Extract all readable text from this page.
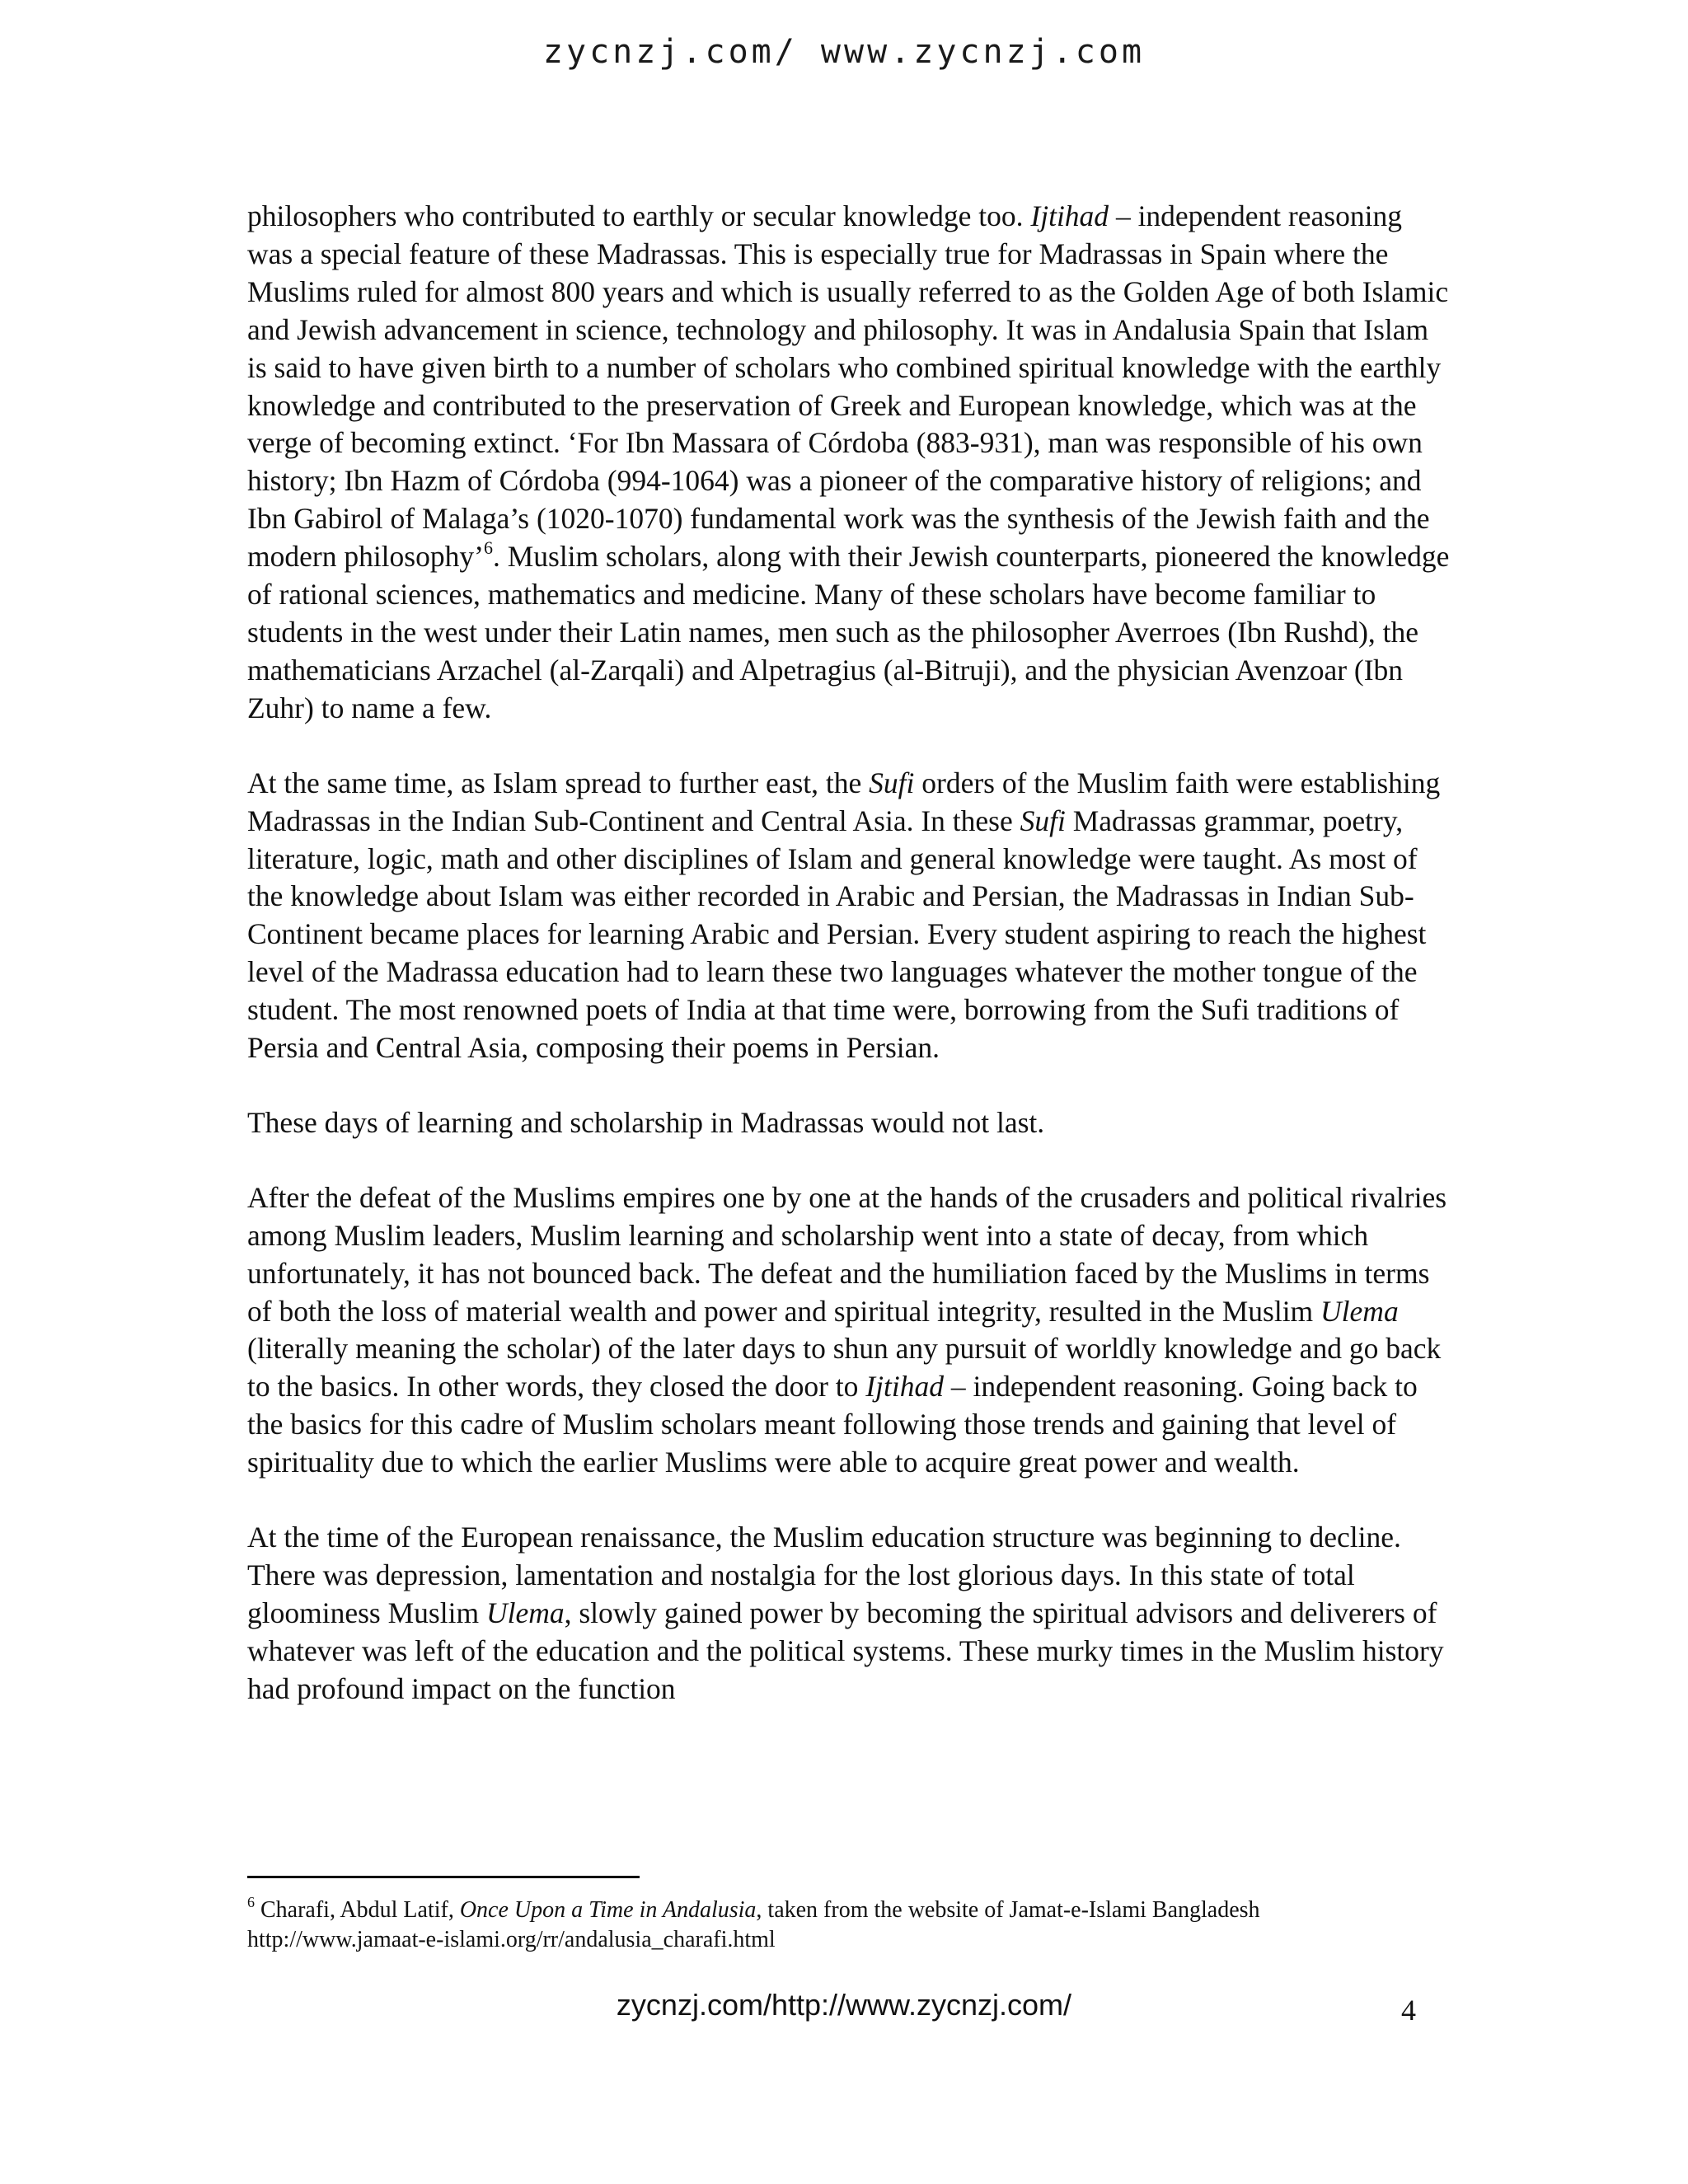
zycnzj.com/ www.zycnzj.com

philosophers who contributed to earthly or secular knowledge too. Ijtihad – independent reasoning was a special feature of these Madrassas. This is especially true for Madrassas in Spain where the Muslims ruled for almost 800 years and which is usually referred to as the Golden Age of both Islamic and Jewish advancement in science, technology and philosophy. It was in Andalusia Spain that Islam is said to have given birth to a number of scholars who combined spiritual knowledge with the earthly knowledge and contributed to the preservation of Greek and European knowledge, which was at the verge of becoming extinct. ‘For Ibn Massara of Córdoba (883-931), man was responsible of his own history; Ibn Hazm of Córdoba (994-1064) was a pioneer of the comparative history of religions; and Ibn Gabirol of Malaga’s (1020-1070) fundamental work was the synthesis of the Jewish faith and the modern philosophy’$^6$. Muslim scholars, along with their Jewish counterparts, pioneered the knowledge of rational sciences, mathematics and medicine. Many of these scholars have become familiar to students in the west under their Latin names, men such as the philosopher Averroes (Ibn Rushd), the mathematicians Arzachel (al-Zarqali) and Alpetragius (al-Bitruji), and the physician Avenzoar (Ibn Zuhr) to name a few.

At the same time, as Islam spread to further east, the Sufi orders of the Muslim faith were establishing Madrassas in the Indian Sub-Continent and Central Asia. In these Sufi Madrassas grammar, poetry, literature, logic, math and other disciplines of Islam and general knowledge were taught. As most of the knowledge about Islam was either recorded in Arabic and Persian, the Madrassas in Indian Sub-Continent became places for learning Arabic and Persian. Every student aspiring to reach the highest level of the Madrassa education had to learn these two languages whatever the mother tongue of the student. The most renowned poets of India at that time were, borrowing from the Sufi traditions of Persia and Central Asia, composing their poems in Persian.

These days of learning and scholarship in Madrassas would not last.

After the defeat of the Muslims empires one by one at the hands of the crusaders and political rivalries among Muslim leaders, Muslim learning and scholarship went into a state of decay, from which unfortunately, it has not bounced back. The defeat and the humiliation faced by the Muslims in terms of both the loss of material wealth and power and spiritual integrity, resulted in the Muslim Ulema (literally meaning the scholar) of the later days to shun any pursuit of worldly knowledge and go back to the basics. In other words, they closed the door to Ijtihad – independent reasoning. Going back to the basics for this cadre of Muslim scholars meant following those trends and gaining that level of spirituality due to which the earlier Muslims were able to acquire great power and wealth.

At the time of the European renaissance, the Muslim education structure was beginning to decline. There was depression, lamentation and nostalgia for the lost glorious days. In this state of total gloominess Muslim Ulema, slowly gained power by becoming the spiritual advisors and deliverers of whatever was left of the education and the political systems. These murky times in the Muslim history had profound impact on the function

$^6$ Charafi, Abdul Latif, Once Upon a Time in Andalusia, taken from the website of Jamat-e-Islami Bangladesh http://www.jamaat-e-islami.org/rr/andalusia_charafi.html
zycnzj.com/http://www.zycnzj.com/	4
